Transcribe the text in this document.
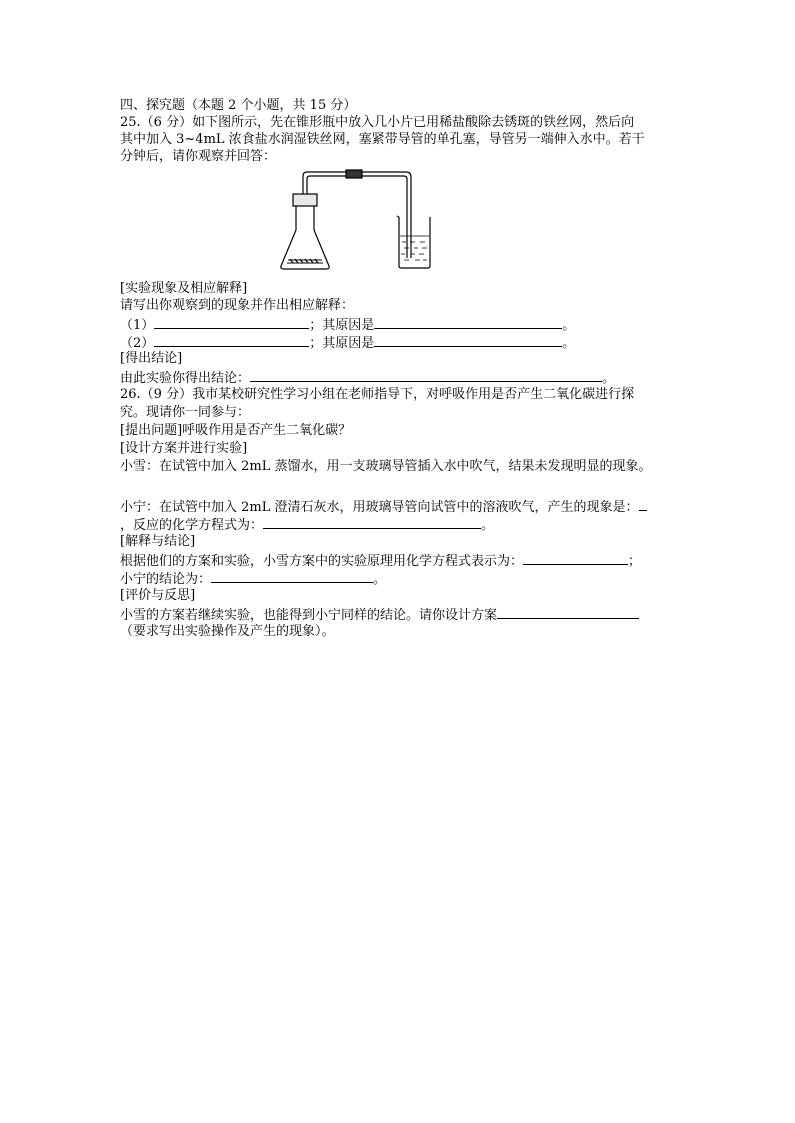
四、探究题（本题 2 个小题，共 15 分）
25.（6 分）如下图所示，先在锥形瓶中放入几小片已用稀盐酸除去锈斑的铁丝网，然后向
其中加入 3~4mL 浓食盐水润湿铁丝网，塞紧带导管的单孔塞，导管另一端伸入水中。若干
分钟后，请你观察并回答：
[实验现象及相应解释]
请写出你观察到的现象并作出相应解释：
（1）	；其原因是	。
（2）	；其原因是	。
[得出结论]
由此实验你得出结论：	。
26.（9 分）我市某校研究性学习小组在老师指导下，对呼吸作用是否产生二氧化碳进行探
究。现请你一同参与：
[提出问题]呼吸作用是否产生二氧化碳？
[设计方案并进行实验]
小雪：在试管中加入 2mL 蒸馏水，用一支玻璃导管插入水中吹气，结果未发现明显的现象。
小宁：在试管中加入 2mL 澄清石灰水，用玻璃导管向试管中的溶液吹气，产生的现象是：
，反应的化学方程式为：	。
[解释与结论]
根据他们的方案和实验，小雪方案中的实验原理用化学方程式表示为：	；
小宁的结论为：	。
[评价与反思]
小雪的方案若继续实验，也能得到小宁同样的结论。请你设计方案
（要求写出实验操作及产生的现象）。
